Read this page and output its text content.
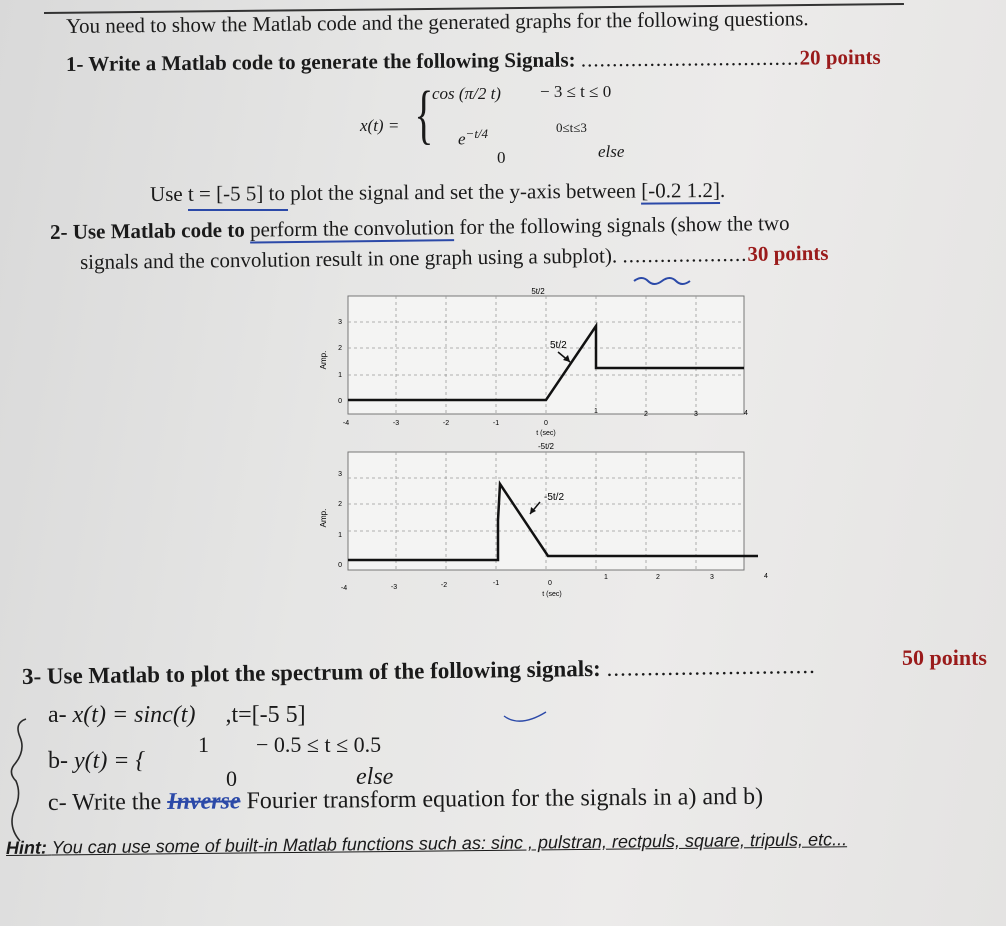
You need to show the Matlab code and the generated graphs for the following questions.
1- Write a Matlab code to generate the following Signals: ...................................20 points
x(t) = {
cos (π/2 t) − 3 ≤ t ≤ 0
$e^{-t/4}$	0≤t≤3
0	else
Use t = [-5 5] to plot the signal and set the y-axis between [-0.2 1.2].
2- Use Matlab code to perform the convolution for the following signals (show the two
signals and the convolution result in one graph using a subplot). ....................30 points
5t/2
5t/2
Amp.
0
1
2
3
-4	-3	-2	-1	0
1	2	3	4
t (sec)
-5t/2
-5t/2
Amp.
0
1
2
3
-4	-3	-2	-1	0
1	2	3	4
t (sec)
3- Use Matlab to plot the spectrum of the following signals: ...............................	50 points
a- x(t) = sinc(t) ,t=[-5 5]
b- y(t) = {
1 − 0.5 ≤ t ≤ 0.5
0	else
c- Write the Inverse Fourier transform equation for the signals in a) and b)
Hint: You can use some of built-in Matlab functions such as: sinc , pulstran, rectpuls, square, tripuls, etc...
